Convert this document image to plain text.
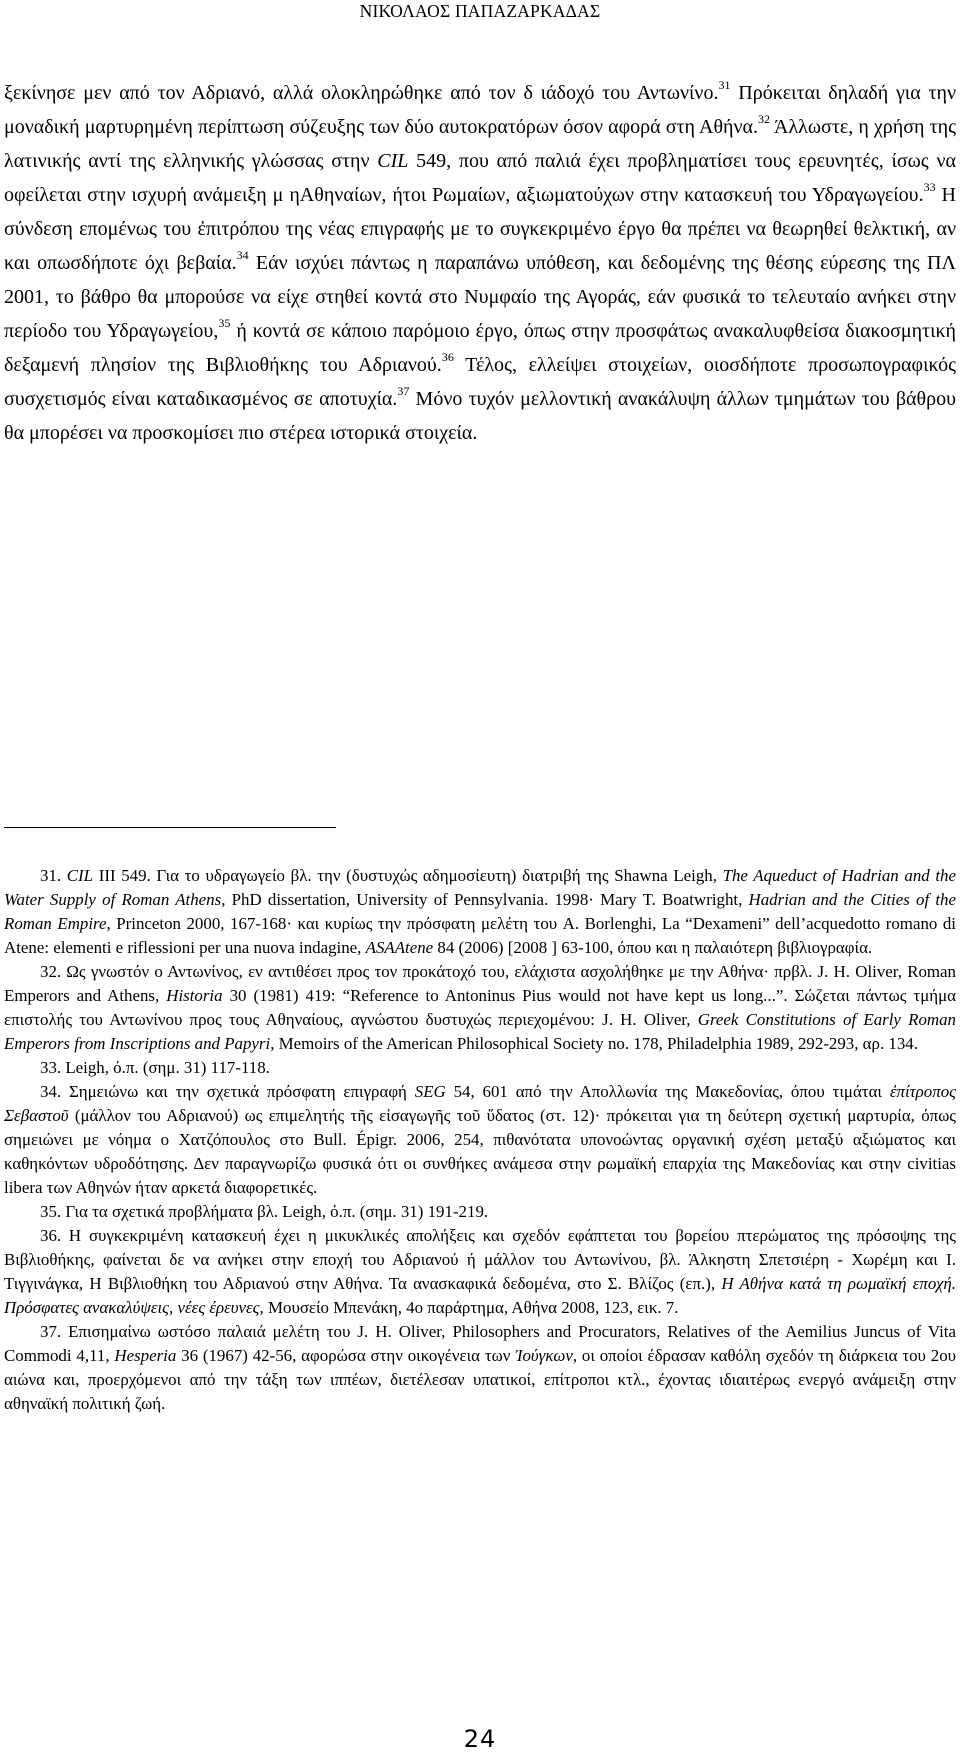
ΝΙΚΟΛΑΟΣ ΠΑΠΑΖΑΡΚΑΔΑΣ

ξεκίνησε μεν από τον Αδριανό, αλλά ολοκληρώθηκε από τον δ ιάδοχό του Αντωνίνο.$^{31}$ Πρόκειται δηλαδή για την μοναδική μαρτυρημένη περίπτωση σύζευξης των δύο αυτοκρατόρων όσον αφορά στη Αθήνα.$^{32}$ Άλλωστε, η χρήση της λατινικής αντί της ελληνικής γλώσσας στην CIL 549, που από παλιά έχει προβληματίσει τους ερευνητές, ίσως να οφείλεται στην ισχυρή ανάμειξη μ ηΑθηναίων, ήτοι Ρωμαίων, αξιωματούχων στην κατασκευή του Υδραγωγείου.$^{33}$ Η σύνδεση επομένως του ἐπιτρόπου της νέας επιγραφής με το συγκεκριμένο έργο θα πρέπει να θεωρηθεί θελκτική, αν και οπωσδήποτε όχι βεβαία.$^{34}$ Εάν ισχύει πάντως η παραπάνω υπόθεση, και δεδομένης της θέσης εύρεσης της ΠΛ 2001, το βάθρο θα μπορούσε να είχε στηθεί κοντά στο Νυμφαίο της Αγοράς, εάν φυσικά το τελευταίο ανήκει στην περίοδο του Υδραγωγείου,$^{35}$ ή κοντά σε κάποιο παρόμοιο έργο, όπως στην προσφάτως ανακαλυφθείσα διακοσμητική δεξαμενή πλησίον της Βιβλιοθήκης του Αδριανού.$^{36}$ Τέλος, ελλείψει στοιχείων, οιοσδήποτε προσωπογραφικός συσχετισμός είναι καταδικασμένος σε αποτυχία.$^{37}$ Μόνο τυχόν μελλοντική ανακάλυψη άλλων τμημάτων του βάθρου θα μπορέσει να προσκομίσει πιο στέρεα ιστορικά στοιχεία.

31. CIL III 549. Για το υδραγωγείο βλ. την (δυστυχώς αδημοσίευτη) διατριβή της Shawna Leigh, The Aqueduct of Hadrian and the Water Supply of Roman Athens, PhD dissertation, University of Pennsylvania. 1998· Mary T. Boatwright, Hadrian and the Cities of the Roman Empire, Princeton 2000, 167-168· και κυρίως την πρόσφατη μελέτη του A. Borlenghi, La “Dexameni” dell’acquedotto romano di Atene: elementi e riflessioni per una nuova indagine, ASAAtene 84 (2006) [2008 ] 63-100, όπου και η παλαιότερη βιβλιογραφία.

32. Ως γνωστόν ο Αντωνίνος, εν αντιθέσει προς τον προκάτοχό του, ελάχιστα ασχολήθηκε με την Αθήνα· πρβλ. J. H. Oliver, Roman Emperors and Athens, Historia 30 (1981) 419: “Reference to Antoninus Pius would not have kept us long...”. Σώζεται πάντως τμήμα επιστολής του Αντωνίνου προς τους Αθηναίους, αγνώστου δυστυχώς περιεχομένου: J. H. Oliver, Greek Constitutions of Early Roman Emperors from Inscriptions and Papyri, Memoirs of the American Philosophical Society no. 178, Philadelphia 1989, 292-293, αρ. 134.

33. Leigh, ό.π. (σημ. 31) 117-118.

34. Σημειώνω και την σχετικά πρόσφατη επιγραφή SEG 54, 601 από την Απολλωνία της Μακεδονίας, όπου τιμάται ἐπίτροπος Σεβαστοῦ (μάλλον του Αδριανού) ως επιμελητής τῆς εἰσαγωγῆς τοῦ ὕδατος (στ. 12)· πρόκειται για τη δεύτερη σχετική μαρτυρία, όπως σημειώνει με νόημα ο Χατζόπουλος στο Bull. Épigr. 2006, 254, πιθανότατα υπονοώντας οργανική σχέση μεταξύ αξιώματος και καθηκόντων υδροδότησης. Δεν παραγνωρίζω φυσικά ότι οι συνθήκες ανάμεσα στην ρωμαϊκή επαρχία της Μακεδονίας και στην civitias libera των Αθηνών ήταν αρκετά διαφορετικές.

35. Για τα σχετικά προβλήματα βλ. Leigh, ό.π. (σημ. 31) 191-219.

36. Η συγκεκριμένη κατασκευή έχει η μικυκλικές απολήξεις και σχεδόν εφάπτεται του βορείου πτερώματος της πρόσοψης της Βιβλιοθήκης, φαίνεται δε να ανήκει στην εποχή του Αδριανού ή μάλλον του Αντωνίνου, βλ. Άλκηστη Σπετσιέρη - Χωρέμη και Ι. Τιγγινάγκα, Η Βιβλιοθήκη του Αδριανού στην Αθήνα. Τα ανασκαφικά δεδομένα, στο Σ. Βλίζος (επ.), Η Αθήνα κατά τη ρωμαϊκή εποχή. Πρόσφατες ανακαλύψεις, νέες έρευνες, Μουσείο Μπενάκη, 4ο παράρτημα, Αθήνα 2008, 123, εικ. 7.

37. Επισημαίνω ωστόσο παλαιά μελέτη του J. H. Oliver, Philosophers and Procurators, Relatives of the Aemilius Juncus of Vita Commodi 4,11, Hesperia 36 (1967) 42-56, αφορώσα στην οικογένεια των Ἰούγκων, οι οποίοι έδρασαν καθόλη σχεδόν τη διάρκεια του 2ου αιώνα και, προερχόμενοι από την τάξη των ιππέων, διετέλεσαν υπατικοί, επίτροποι κτλ., έχοντας ιδιαιτέρως ενεργό ανάμειξη στην αθηναϊκή πολιτική ζωή.

24
